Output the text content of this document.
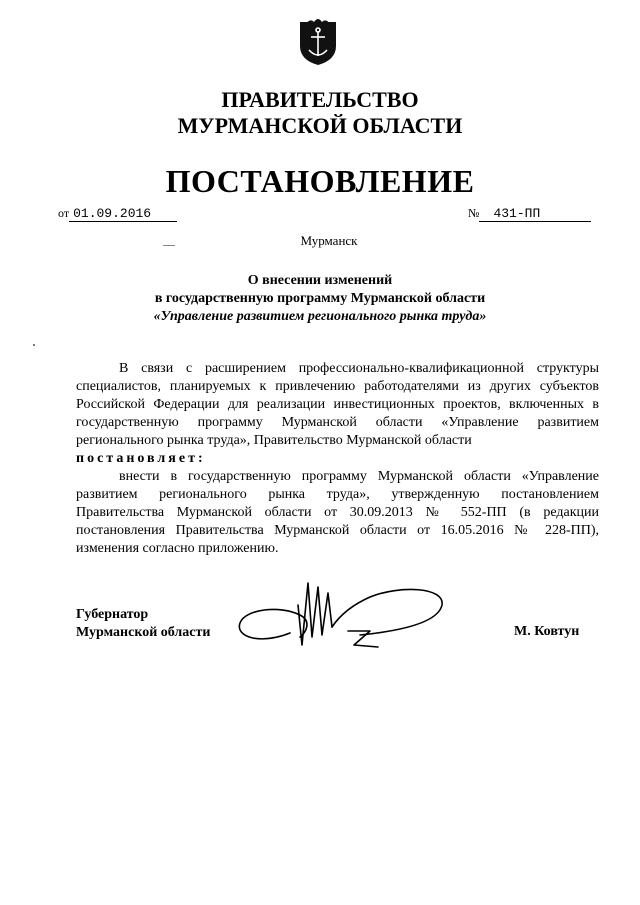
ПРАВИТЕЛЬСТВО
МУРМАНСКОЙ ОБЛАСТИ
ПОСТАНОВЛЕНИЕ
от 01.09.2016	№ 431-ПП
Мурманск
О внесении изменений
в государственную программу Мурманской области
«Управление развитием регионального рынка труда»

В связи с расширением профессионально-квалификационной структуры специалистов, планируемых к привлечению работодателями из других субъектов Российской Федерации для реализации инвестиционных проектов, включенных в государственную программу Мурманской области «Управление развитием регионального рынка труда», Правительство Мурманской области

постановляет:

внести в государственную программу Мурманской области «Управление развитием регионального рынка труда», утвержденную постановлением Правительства Мурманской области от 30.09.2013 № 552-ПП (в редакции постановления Правительства Мурманской области от 16.05.2016 № 228-ПП), изменения согласно приложению.

Губернатор
Мурманской области	М. Ковтун
